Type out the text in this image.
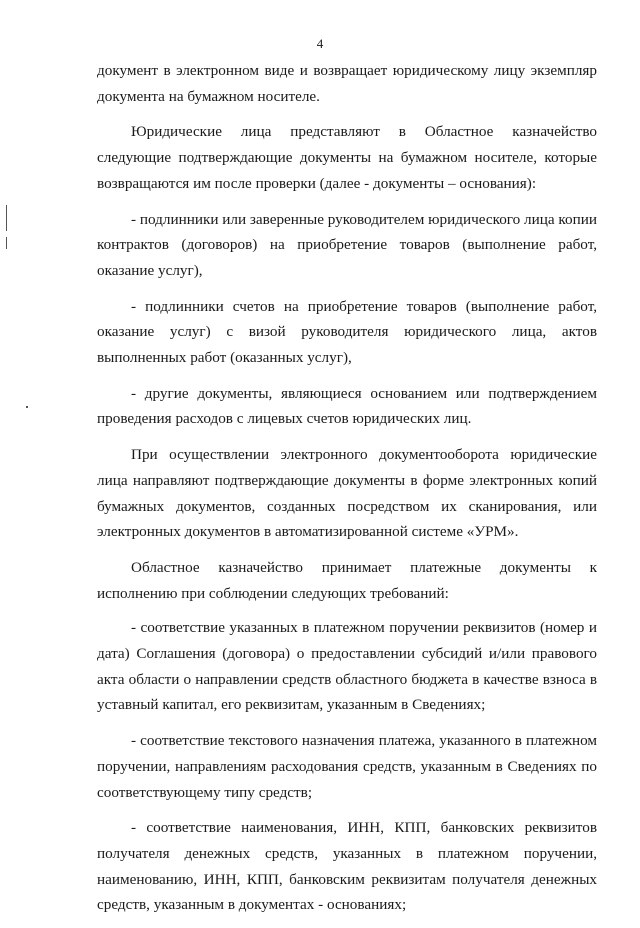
4

документ в электронном виде и возвращает юридическому лицу экземпляр документа на бумажном носителе.

Юридические лица представляют в Областное казначейство следующие подтверждающие документы на бумажном носителе, которые возвращаются им после проверки (далее - документы – основания):

- подлинники или заверенные руководителем юридического лица копии контрактов (договоров) на приобретение товаров (выполнение работ, оказание услуг),

- подлинники счетов на приобретение товаров (выполнение работ, оказание услуг) с визой руководителя юридического лица, актов выполненных работ (оказанных услуг),

- другие документы, являющиеся основанием или подтверждением проведения расходов с лицевых счетов юридических лиц.

При осуществлении электронного документооборота юридические лица направляют подтверждающие документы в форме электронных копий бумажных документов, созданных посредством их сканирования, или электронных документов в автоматизированной системе «УРМ».

Областное казначейство принимает платежные документы к исполнению при соблюдении следующих требований:

- соответствие указанных в платежном поручении реквизитов (номер и дата) Соглашения (договора) о предоставлении субсидий и/или правового акта области о направлении средств областного бюджета в качестве взноса в уставный капитал, его реквизитам, указанным в Сведениях;

- соответствие текстового назначения платежа, указанного в платежном поручении, направлениям расходования средств, указанным в Сведениях по соответствующему типу средств;

- соответствие наименования, ИНН, КПП, банковских реквизитов получателя денежных средств, указанных в платежном поручении, наименованию, ИНН, КПП, банковским реквизитам получателя денежных средств, указанным в документах - основаниях;
